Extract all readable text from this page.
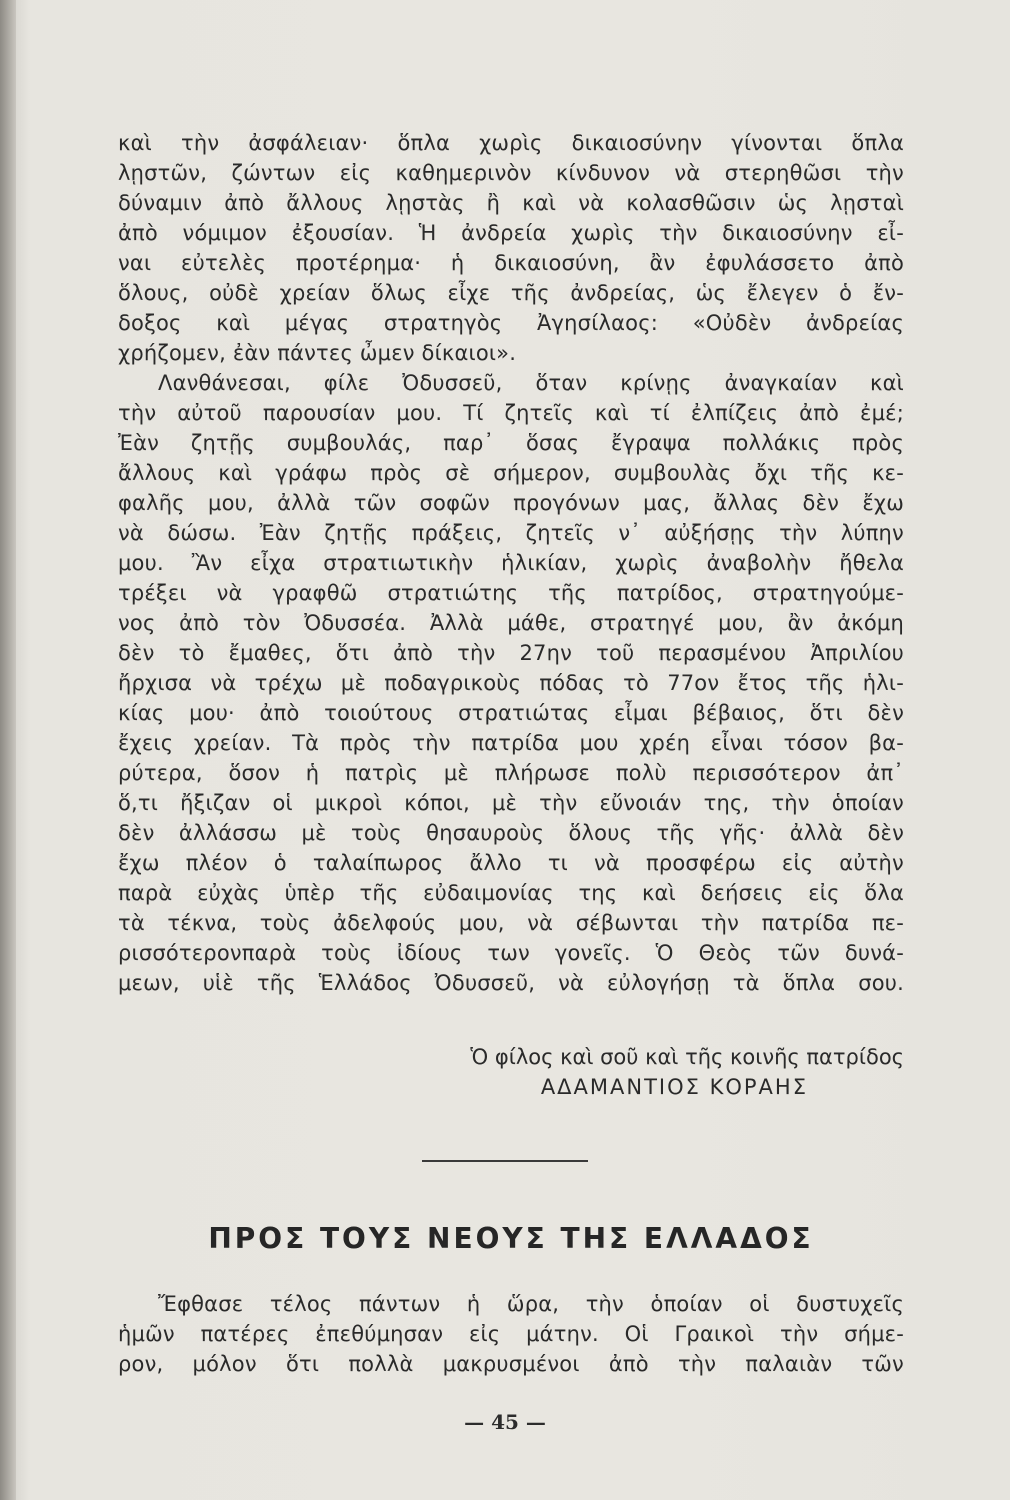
καὶ τὴν ἀσφάλειαν· ὅπλα χωρὶς δικαιοσύνην γίνονται ὅπλα
λῃστῶν, ζώντων εἰς καθημερινὸν κίνδυνον νὰ στερηθῶσι τὴν
δύναμιν ἀπὸ ἄλλους λῃστὰς ἢ καὶ νὰ κολασθῶσιν ὡς λῃσταὶ
ἀπὸ νόμιμον ἐξουσίαν. Ἡ ἀνδρεία χωρὶς τὴν δικαιοσύνην εἶ-
ναι εὐτελὲς προτέρημα· ἡ δικαιοσύνη, ἂν ἐφυλάσσετο ἀπὸ
ὅλους, οὐδὲ χρείαν ὅλως εἶχε τῆς ἀνδρείας, ὡς ἔλεγεν ὁ ἔν-
δοξος καὶ μέγας στρατηγὸς Ἀγησίλαος: «Οὐδὲν ἀνδρείας
χρήζομεν, ἐὰν πάντες ὦμεν δίκαιοι».
Λανθάνεσαι, φίλε Ὀδυσσεῦ, ὅταν κρίνῃς ἀναγκαίαν καὶ
τὴν αὐτοῦ παρουσίαν μου. Τί ζητεῖς καὶ τί ἐλπίζεις ἀπὸ ἐμέ;
Ἐὰν ζητῇς συμβουλάς, παρ᾿ ὅσας ἔγραψα πολλάκις πρὸς
ἄλλους καὶ γράφω πρὸς σὲ σήμερον, συμβουλὰς ὄχι τῆς κε-
φαλῆς μου, ἀλλὰ τῶν σοφῶν προγόνων μας, ἄλλας δὲν ἔχω
νὰ δώσω. Ἐὰν ζητῇς πράξεις, ζητεῖς ν᾿ αὐξήσῃς τὴν λύπην
μου. Ἂν εἶχα στρατιωτικὴν ἡλικίαν, χωρὶς ἀναβολὴν ἤθελα
τρέξει νὰ γραφθῶ στρατιώτης τῆς πατρίδος, στρατηγούμε-
νος ἀπὸ τὸν Ὀδυσσέα. Ἀλλὰ μάθε, στρατηγέ μου, ἂν ἀκόμη
δὲν τὸ ἔμαθες, ὅτι ἀπὸ τὴν 27ην τοῦ περασμένου Ἀπριλίου
ἤρχισα νὰ τρέχω μὲ ποδαγρικοὺς πόδας τὸ 77ον ἔτος τῆς ἡλι-
κίας μου· ἀπὸ τοιούτους στρατιώτας εἶμαι βέβαιος, ὅτι δὲν
ἔχεις χρείαν. Τὰ πρὸς τὴν πατρίδα μου χρέη εἶναι τόσον βα-
ρύτερα, ὅσον ἡ πατρὶς μὲ πλήρωσε πολὺ περισσότερον ἀπ᾿
ὅ,τι ἤξιζαν οἱ μικροὶ κόποι, μὲ τὴν εὔνοιάν της, τὴν ὁποίαν
δὲν ἀλλάσσω μὲ τοὺς θησαυροὺς ὅλους τῆς γῆς· ἀλλὰ δὲν
ἔχω πλέον ὁ ταλαίπωρος ἄλλο τι νὰ προσφέρω εἰς αὐτὴν
παρὰ εὐχὰς ὑπὲρ τῆς εὐδαιμονίας της καὶ δεήσεις εἰς ὅλα
τὰ τέκνα, τοὺς ἀδελφούς μου, νὰ σέβωνται τὴν πατρίδα πε-
ρισσότερονπαρὰ τοὺς ἰδίους των γονεῖς. Ὁ Θεὸς τῶν δυνά-
μεων, υἱὲ τῆς Ἑλλάδος Ὀδυσσεῦ, νὰ εὐλογήσῃ τὰ ὅπλα σου.
Ὁ φίλος καὶ σοῦ καὶ τῆς κοινῆς πατρίδος
ΑΔΑΜΑΝΤΙΟΣ ΚΟΡΑΗΣ
ΠΡΟΣ ΤΟΥΣ ΝΕΟΥΣ ΤΗΣ ΕΛΛΑΔΟΣ
Ἔφθασε τέλος πάντων ἡ ὥρα, τὴν ὁποίαν οἱ δυστυχεῖς
ἡμῶν πατέρες ἐπεθύμησαν εἰς μάτην. Οἱ Γραικοὶ τὴν σήμε-
ρον, μόλον ὅτι πολλὰ μακρυσμένοι ἀπὸ τὴν παλαιὰν τῶν
— 45 —
